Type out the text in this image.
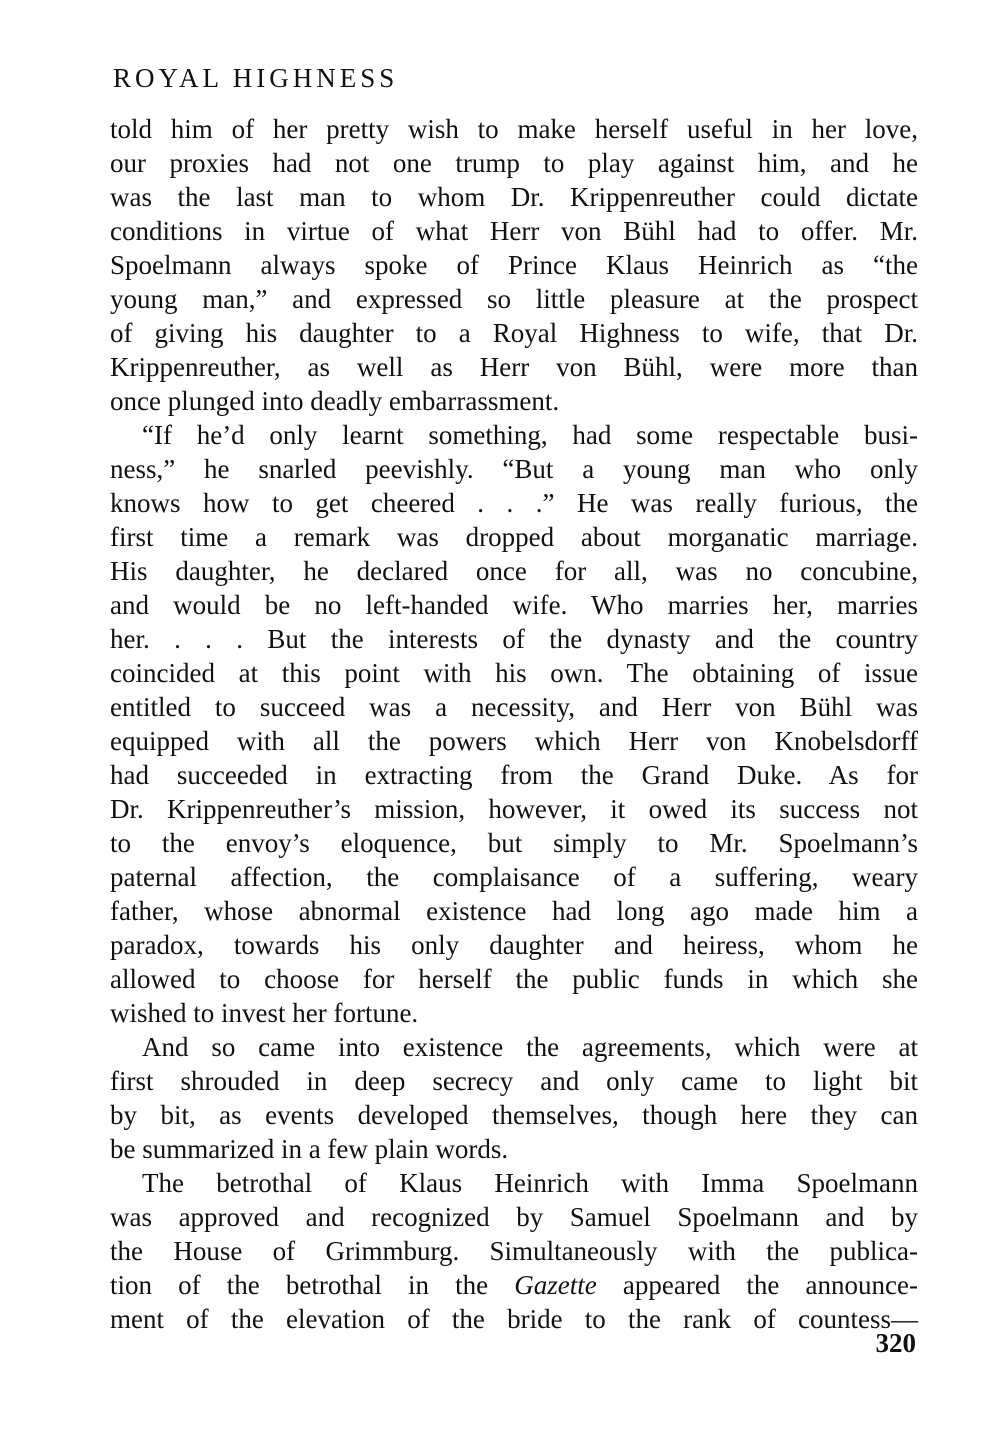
ROYAL HIGHNESS
told him of her pretty wish to make herself useful in her love,
our proxies had not one trump to play against him, and he
was the last man to whom Dr. Krippenreuther could dictate
conditions in virtue of what Herr von Bühl had to offer. Mr.
Spoelmann always spoke of Prince Klaus Heinrich as “the
young man,” and expressed so little pleasure at the prospect
of giving his daughter to a Royal Highness to wife, that Dr.
Krippenreuther, as well as Herr von Bühl, were more than
once plunged into deadly embarrassment.
“If he’d only learnt something, had some respectable busi-
ness,” he snarled peevishly. “But a young man who only
knows how to get cheered . . .” He was really furious, the
first time a remark was dropped about morganatic marriage.
His daughter, he declared once for all, was no concubine,
and would be no left-handed wife. Who marries her, marries
her. . . . But the interests of the dynasty and the country
coincided at this point with his own. The obtaining of issue
entitled to succeed was a necessity, and Herr von Bühl was
equipped with all the powers which Herr von Knobelsdorff
had succeeded in extracting from the Grand Duke. As for
Dr. Krippenreuther’s mission, however, it owed its success not
to the envoy’s eloquence, but simply to Mr. Spoelmann’s
paternal affection, the complaisance of a suffering, weary
father, whose abnormal existence had long ago made him a
paradox, towards his only daughter and heiress, whom he
allowed to choose for herself the public funds in which she
wished to invest her fortune.
And so came into existence the agreements, which were at
first shrouded in deep secrecy and only came to light bit
by bit, as events developed themselves, though here they can
be summarized in a few plain words.
The betrothal of Klaus Heinrich with Imma Spoelmann
was approved and recognized by Samuel Spoelmann and by
the House of Grimmburg. Simultaneously with the publica-
tion of the betrothal in the Gazette appeared the announce-
ment of the elevation of the bride to the rank of countess—
320
